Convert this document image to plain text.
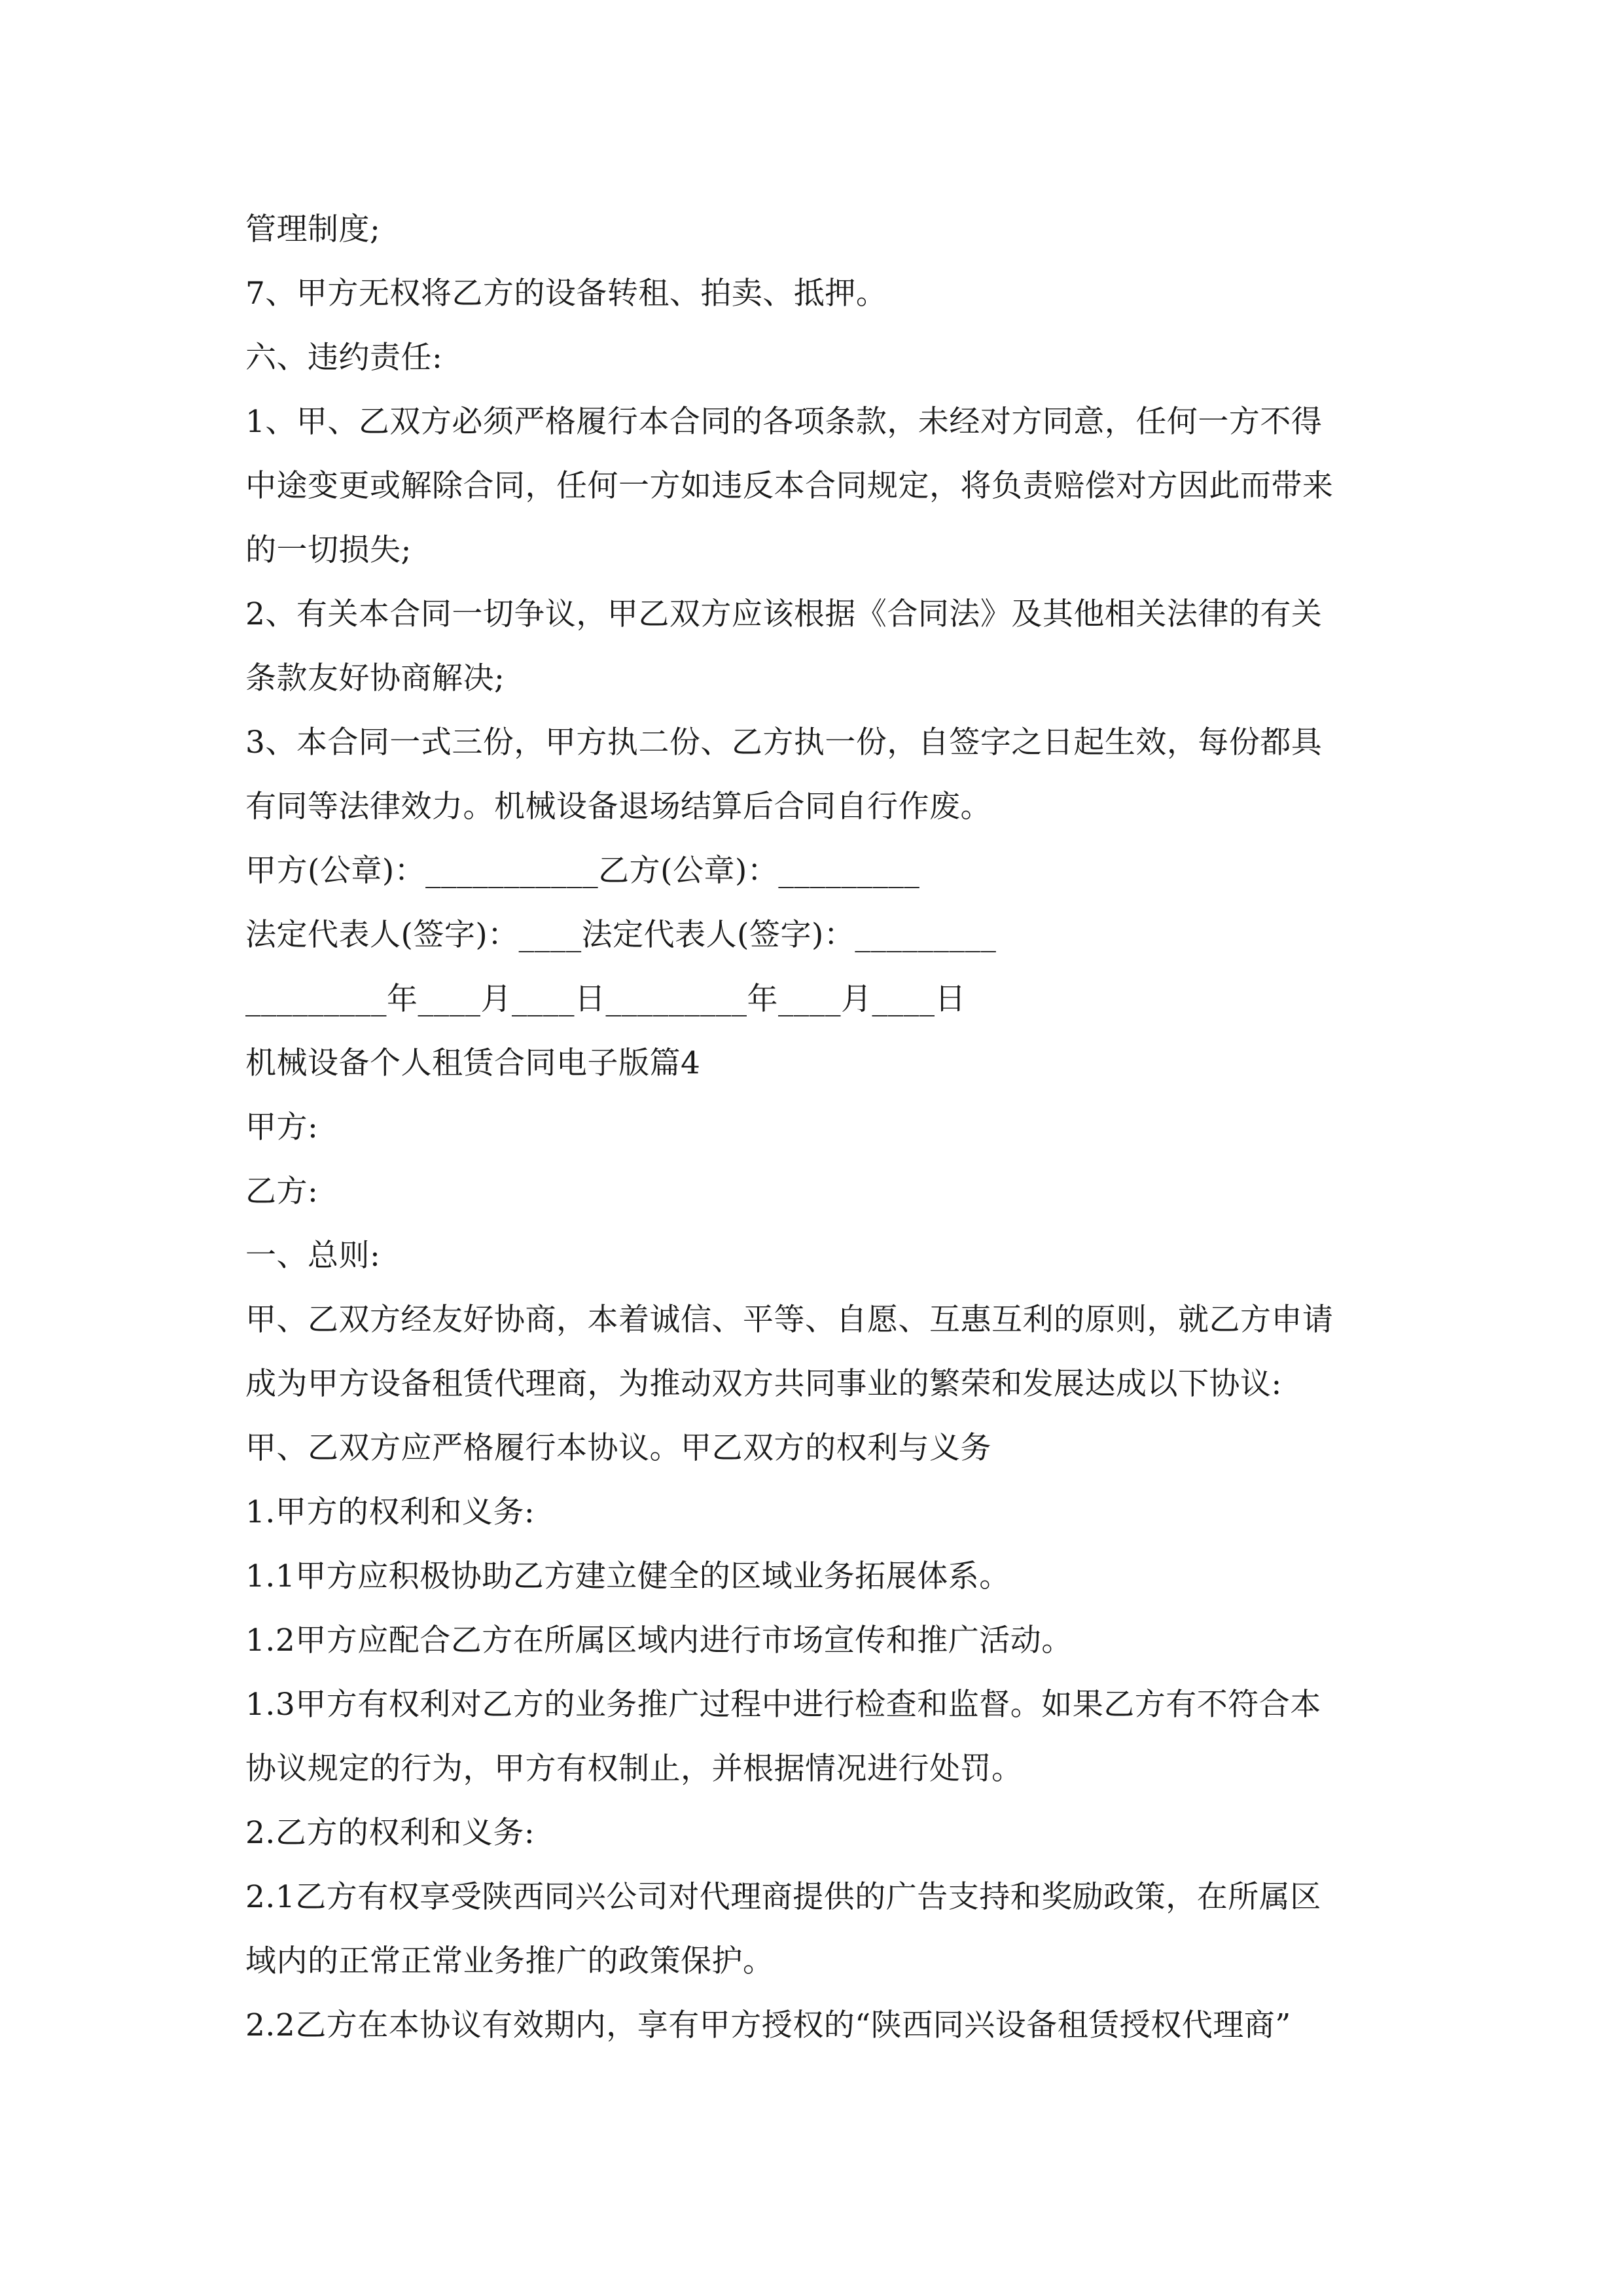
管理制度;
7、甲方无权将乙方的设备转租、拍卖、抵押。
六、违约责任:
1、甲、乙双方必须严格履行本合同的各项条款，未经对方同意，任何一方不得
中途变更或解除合同，任何一方如违反本合同规定，将负责赔偿对方因此而带来
的一切损失;
2、有关本合同一切争议，甲乙双方应该根据《合同法》及其他相关法律的有关
条款友好协商解决;
3、本合同一式三份，甲方执二份、乙方执一份，自签字之日起生效，每份都具
有同等法律效力。机械设备退场结算后合同自行作废。
甲方(公章)：___________乙方(公章)：_________
法定代表人(签字)：____法定代表人(签字)：_________
_________年____月____日_________年____月____日
机械设备个人租赁合同电子版篇4
甲方:
乙方:
一、总则:
甲、乙双方经友好协商，本着诚信、平等、自愿、互惠互利的原则，就乙方申请
成为甲方设备租赁代理商，为推动双方共同事业的繁荣和发展达成以下协议:
甲、乙双方应严格履行本协议。甲乙双方的权利与义务
1.甲方的权利和义务:
1.1甲方应积极协助乙方建立健全的区域业务拓展体系。
1.2甲方应配合乙方在所属区域内进行市场宣传和推广活动。
1.3甲方有权利对乙方的业务推广过程中进行检查和监督。如果乙方有不符合本
协议规定的行为，甲方有权制止，并根据情况进行处罚。
2.乙方的权利和义务:
2.1乙方有权享受陕西同兴公司对代理商提供的广告支持和奖励政策，在所属区
域内的正常正常业务推广的政策保护。
2.2乙方在本协议有效期内，享有甲方授权的“陕西同兴设备租赁授权代理商”
